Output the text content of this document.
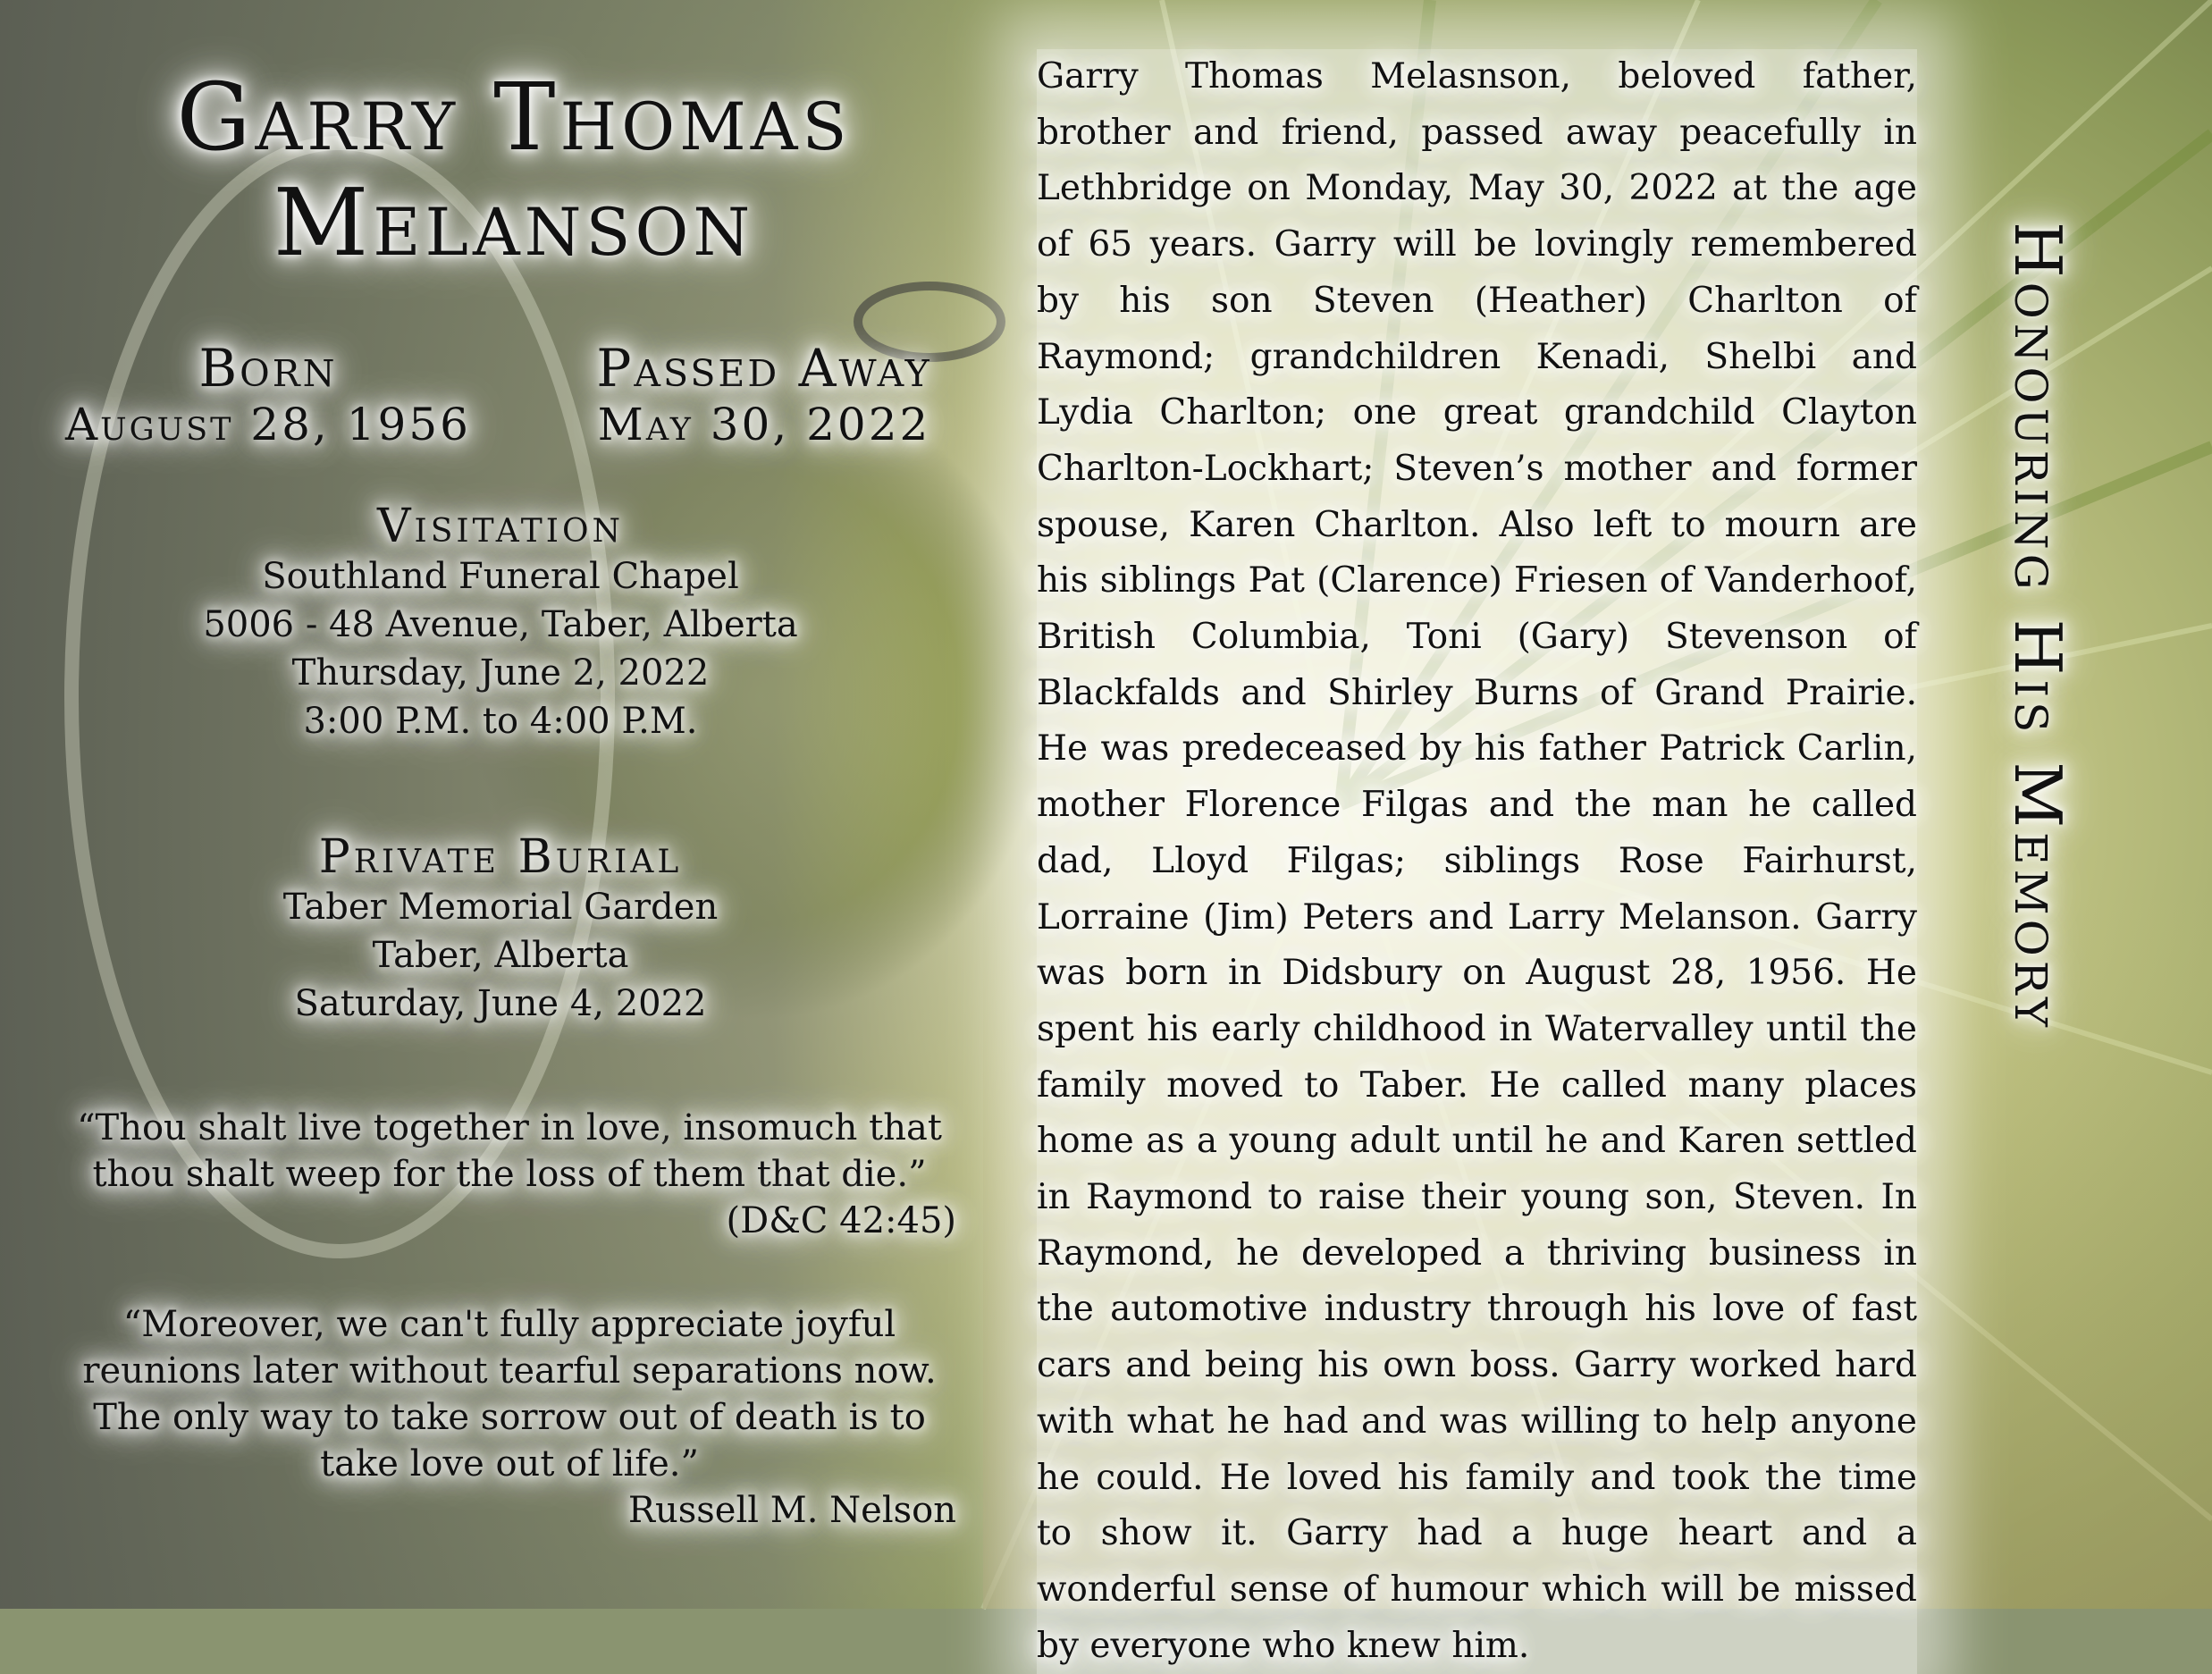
Garry Thomas
Melanson
Born
August 28, 1956
Passed Away
May 30, 2022
Visitation
Southland Funeral Chapel
5006 - 48 Avenue, Taber, Alberta
Thursday, June 2, 2022
3:00 P.M. to 4:00 P.M.
Private Burial
Taber Memorial Garden
Taber, Alberta
Saturday, June 4, 2022
“Thou shalt live together in love, insomuch that thou shalt weep for the loss of them that die.”
(D&C 42:45)
“Moreover, we can't fully appreciate joyful reunions later without tearful separations now. The only way to take sorrow out of death is to take love out of life.”
Russell M. Nelson
Garry Thomas Melasnson, beloved father, brother and friend, passed away peacefully in Lethbridge on Monday, May 30, 2022 at the age of 65 years. Garry will be lovingly remembered by his son Steven (Heather) Charlton of Raymond; grandchildren Kenadi, Shelbi and Lydia Charlton; one great grandchild Clayton Charlton-Lockhart; Steven’s mother and former spouse, Karen Charlton. Also left to mourn are his siblings Pat (Clarence) Friesen of Vanderhoof, British Columbia, Toni (Gary) Stevenson of Blackfalds and Shirley Burns of Grand Prairie. He was predeceased by his father Patrick Carlin, mother Florence Filgas and the man he called dad, Lloyd Filgas; siblings Rose Fairhurst, Lorraine (Jim) Peters and Larry Melanson. Garry was born in Didsbury on August 28, 1956. He spent his early childhood in Watervalley until the family moved to Taber. He called many places home as a young adult until he and Karen settled in Raymond to raise their young son, Steven. In Raymond, he developed a thriving business in the automotive industry through his love of fast cars and being his own boss. Garry worked hard with what he had and was willing to help anyone he could. He loved his family and took the time to show it. Garry had a huge heart and a wonderful sense of humour which will be missed by everyone who knew him.
Honouring His Memory
